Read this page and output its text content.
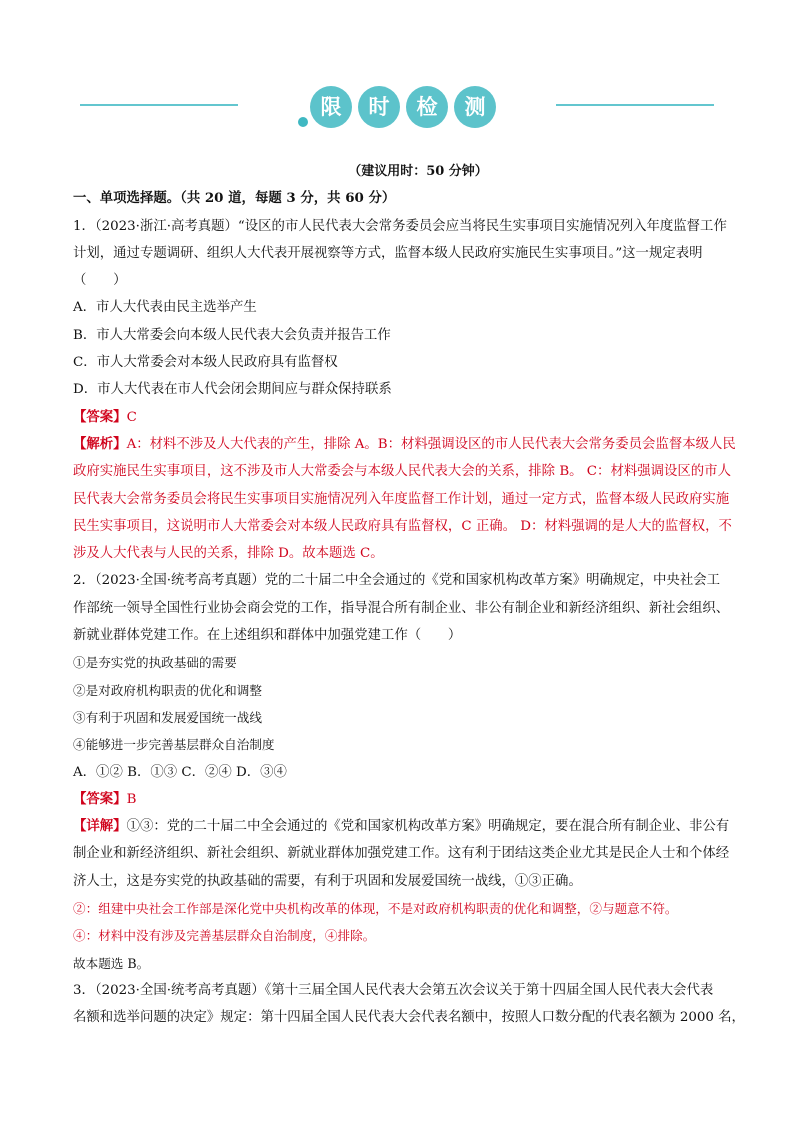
限	时	检	测

（建议用时：50 分钟）

一、单项选择题。（共 20 道，每题 3 分，共 60 分）

1．（2023·浙江·高考真题）“设区的市人民代表大会常务委员会应当将民生实事项目实施情况列入年度监督工作

计划，通过专题调研、组织人大代表开展视察等方式，监督本级人民政府实施民生实事项目。”这一规定表明

（　　）

A．市人大代表由民主选举产生

B．市人大常委会向本级人民代表大会负责并报告工作

C．市人大常委会对本级人民政府具有监督权

D．市人大代表在市人代会闭会期间应与群众保持联系

【答案】C

【解析】A：材料不涉及人大代表的产生，排除 A。B：材料强调设区的市人民代表大会常务委员会监督本级人民

政府实施民生实事项目，这不涉及市人大常委会与本级人民代表大会的关系，排除 B。 C：材料强调设区的市人

民代表大会常务委员会将民生实事项目实施情况列入年度监督工作计划，通过一定方式，监督本级人民政府实施

民生实事项目，这说明市人大常委会对本级人民政府具有监督权，C 正确。 D：材料强调的是人大的监督权，不

涉及人大代表与人民的关系，排除 D。故本题选 C。

2．（2023·全国·统考高考真题）党的二十届二中全会通过的《党和国家机构改革方案》明确规定，中央社会工

作部统一领导全国性行业协会商会党的工作，指导混合所有制企业、非公有制企业和新经济组织、新社会组织、

新就业群体党建工作。在上述组织和群体中加强党建工作（　　）

①是夯实党的执政基础的需要

②是对政府机构职责的优化和调整

③有利于巩固和发展爱国统一战线

④能够进一步完善基层群众自治制度

A．①② B．①③ C．②④ D．③④

【答案】B

【详解】①③：党的二十届二中全会通过的《党和国家机构改革方案》明确规定，要在混合所有制企业、非公有

制企业和新经济组织、新社会组织、新就业群体加强党建工作。这有利于团结这类企业尤其是民企人士和个体经

济人士，这是夯实党的执政基础的需要，有利于巩固和发展爱国统一战线，①③正确。

②：组建中央社会工作部是深化党中央机构改革的体现，不是对政府机构职责的优化和调整，②与题意不符。

④：材料中没有涉及完善基层群众自治制度，④排除。

故本题选 B。

3．（2023·全国·统考高考真题）《第十三届全国人民代表大会第五次会议关于第十四届全国人民代表大会代表

名额和选举问题的决定》规定：第十四届全国人民代表大会代表名额中，按照人口数分配的代表名额为 2000 名，
